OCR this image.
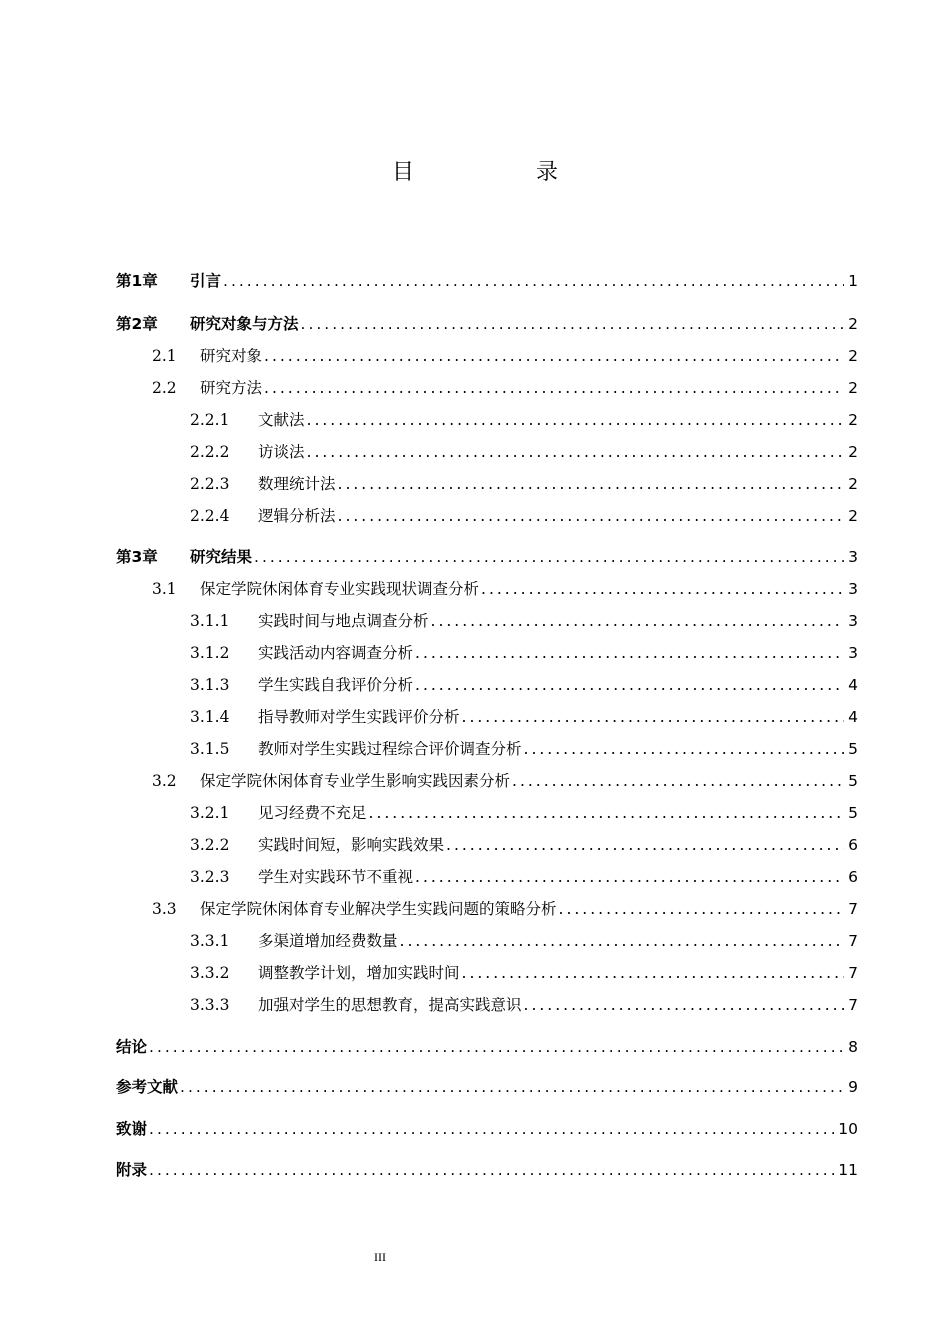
目　录
第1章	引言 .....	1
第2章	研究对象与方法 .....	2
2.1	研究对象 .....	2
2.2	研究方法 .....	2
2.2.1	文献法 .....	2
2.2.2	访谈法 .....	2
2.2.3	数理统计法 .....	2
2.2.4	逻辑分析法 .....	2
第3章	研究结果 .....	3
3.1	保定学院休闲体育专业实践现状调查分析 .....	3
3.1.1	实践时间与地点调查分析 .....	3
3.1.2	实践活动内容调查分析 .....	3
3.1.3	学生实践自我评价分析 .....	4
3.1.4	指导教师对学生实践评价分析 .....	4
3.1.5	教师对学生实践过程综合评价调查分析 .....	5
3.2	保定学院休闲体育专业学生影响实践因素分析 .....	5
3.2.1	见习经费不充足 .....	5
3.2.2	实践时间短，影响实践效果 .....	6
3.2.3	学生对实践环节不重视 .....	6
3.3	保定学院休闲体育专业解决学生实践问题的策略分析 .....	7
3.3.1	多渠道增加经费数量 .....	7
3.3.2	调整教学计划，增加实践时间 .....	7
3.3.3	加强对学生的思想教育，提高实践意识 .....	7
结论 .....	8
参考文献 .....	9
致谢 .....	10
附录 .....	11
III
